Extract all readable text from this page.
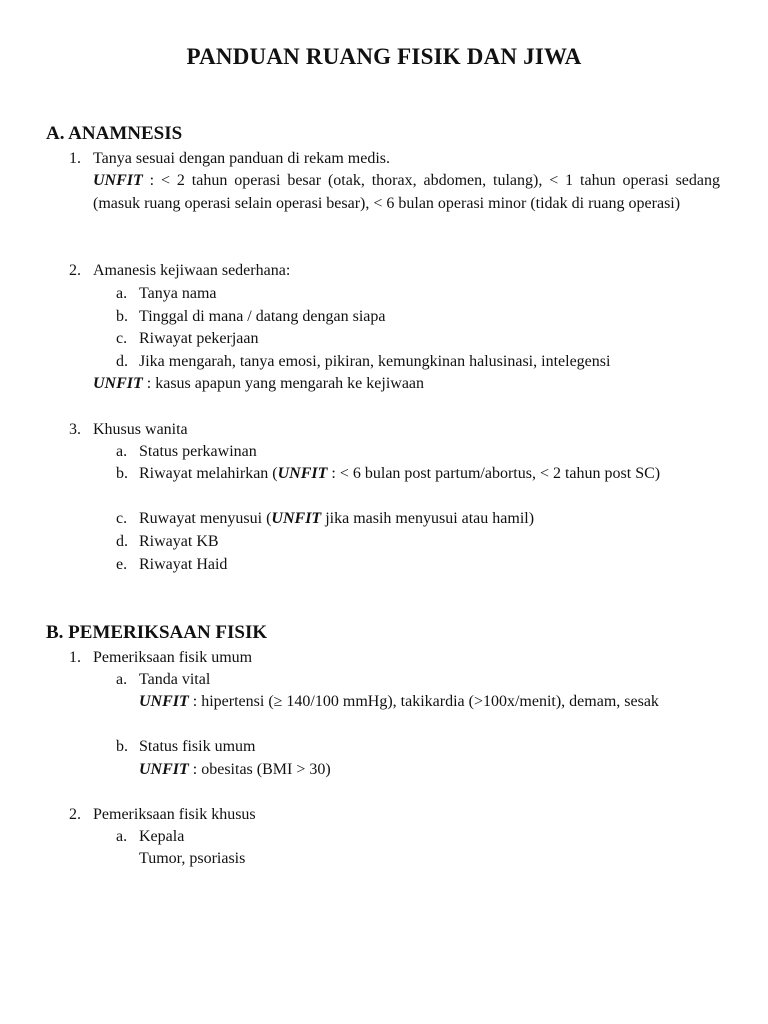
PANDUAN RUANG FISIK DAN JIWA
A. ANAMNESIS
1. Tanya sesuai dengan panduan di rekam medis.
UNFIT : < 2 tahun operasi besar (otak, thorax, abdomen, tulang), < 1 tahun operasi sedang (masuk ruang operasi selain operasi besar), < 6 bulan operasi minor (tidak di ruang operasi)
2. Amanesis kejiwaan sederhana:
a. Tanya nama
b. Tinggal di mana / datang dengan siapa
c. Riwayat pekerjaan
d. Jika mengarah, tanya emosi, pikiran, kemungkinan halusinasi, intelegensi
UNFIT : kasus apapun yang mengarah ke kejiwaan
3. Khusus wanita
a. Status perkawinan
b. Riwayat melahirkan (UNFIT : < 6 bulan post partum/abortus, < 2 tahun post SC)
c. Ruwayat menyusui (UNFIT jika masih menyusui atau hamil)
d. Riwayat KB
e. Riwayat Haid
B. PEMERIKSAAN FISIK
1. Pemeriksaan fisik umum
a. Tanda vital
UNFIT : hipertensi (≥ 140/100 mmHg), takikardia (>100x/menit), demam, sesak
b. Status fisik umum
UNFIT : obesitas (BMI > 30)
2. Pemeriksaan fisik khusus
a. Kepala
Tumor, psoriasis
